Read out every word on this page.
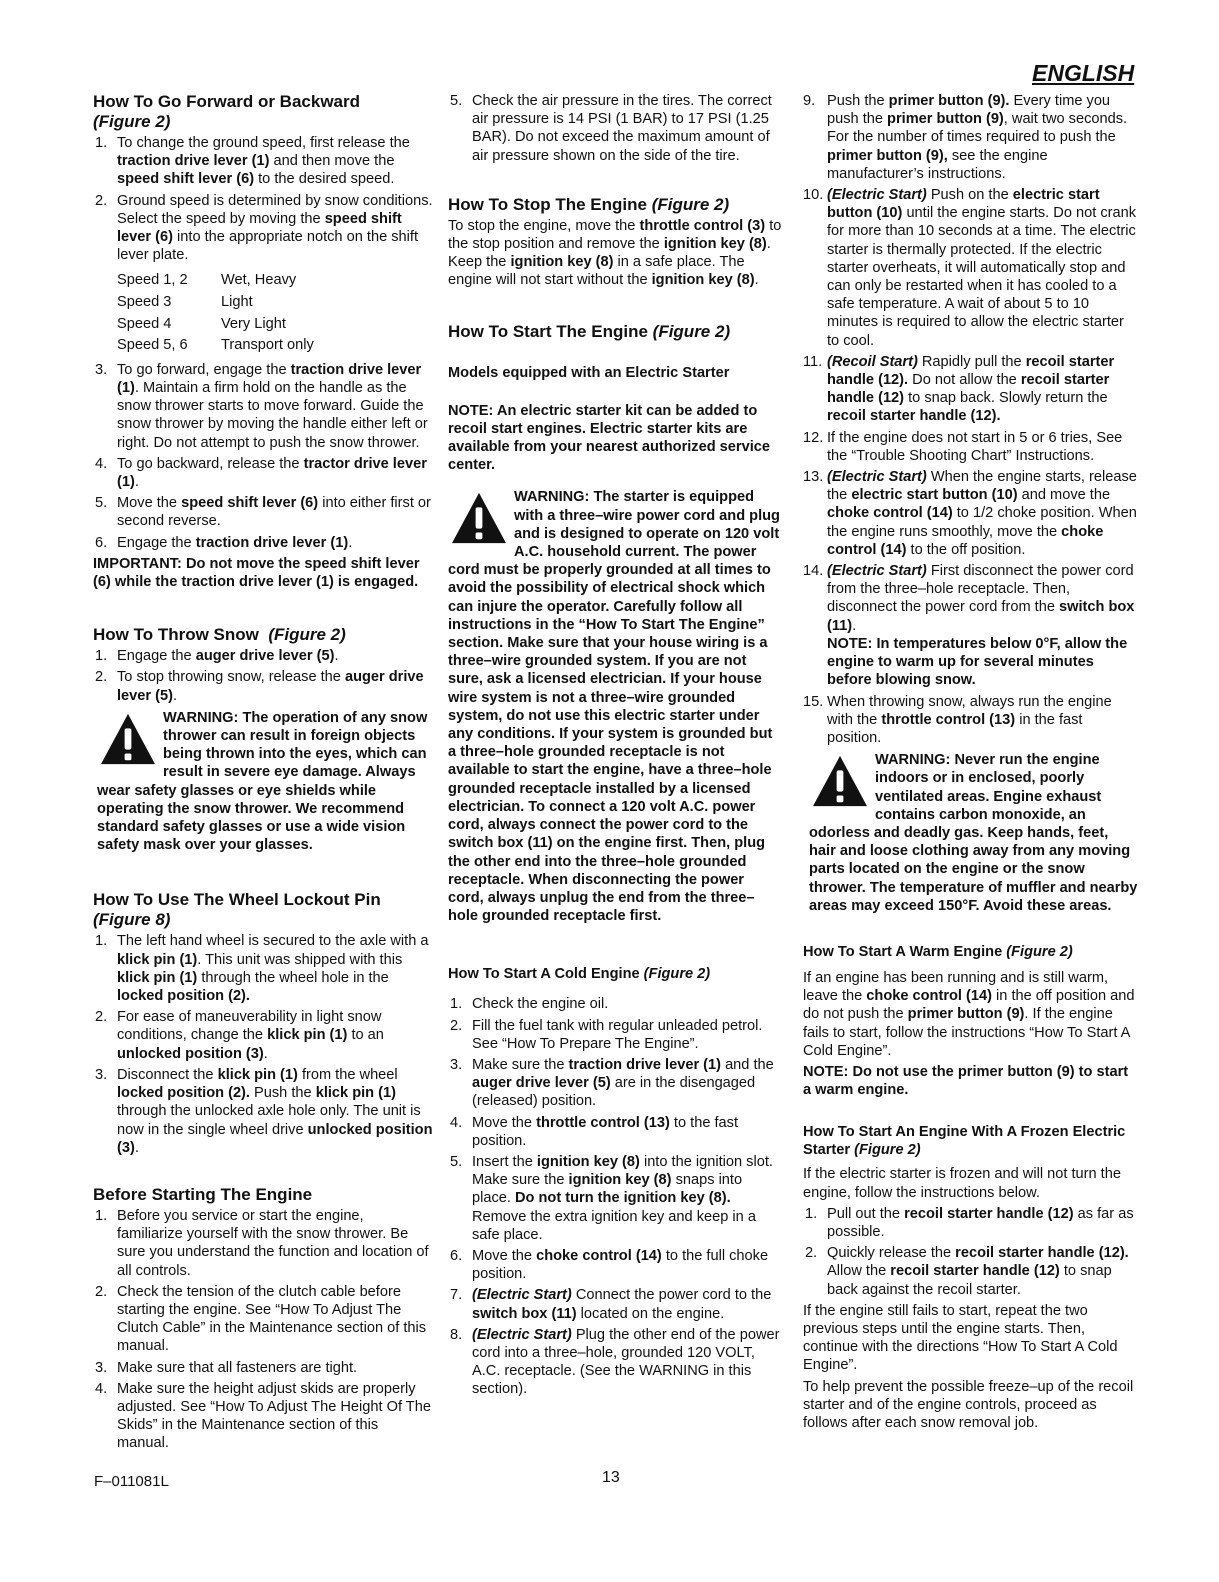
ENGLISH
How To Go Forward or Backward
(Figure 2)
1. To change the ground speed, first release the traction drive lever (1) and then move the speed shift lever (6) to the desired speed.
2. Ground speed is determined by snow conditions. Select the speed by moving the speed shift lever (6) into the appropriate notch on the shift lever plate.
Speed 1, 2 Wet, Heavy
Speed 3	Light
Speed 4	Very Light
Speed 5, 6 Transport only
3. To go forward, engage the traction drive lever (1). Maintain a firm hold on the handle as the snow thrower starts to move forward. Guide the snow thrower by moving the handle either left or right. Do not attempt to push the snow thrower.
4. To go backward, release the tractor drive lever (1).
5. Move the speed shift lever (6) into either first or second reverse.
6. Engage the traction drive lever (1).

IMPORTANT: Do not move the speed shift lever (6) while the traction drive lever (1) is engaged.

How To Throw Snow (Figure 2)
1. Engage the auger drive lever (5).
2. To stop throwing snow, release the auger drive lever (5).
WARNING: The operation of any snow thrower can result in foreign objects being thrown into the eyes, which can result in severe eye damage. Always wear safety glasses or eye shields while operating the snow thrower. We recommend standard safety glasses or use a wide vision safety mask over your glasses.
How To Use The Wheel Lockout Pin
(Figure 8)
1. The left hand wheel is secured to the axle with a klick pin (1). This unit was shipped with this klick pin (1) through the wheel hole in the locked position (2).
2. For ease of maneuverability in light snow conditions, change the klick pin (1) to an unlocked position (3).
3. Disconnect the klick pin (1) from the wheel locked position (2). Push the klick pin (1) through the unlocked axle hole only. The unit is now in the single wheel drive unlocked position (3).
Before Starting The Engine
1. Before you service or start the engine, familiarize yourself with the snow thrower. Be sure you understand the function and location of all controls.
2. Check the tension of the clutch cable before starting the engine. See “How To Adjust The Clutch Cable” in the Maintenance section of this manual.
3. Make sure that all fasteners are tight.
4. Make sure the height adjust skids are properly adjusted. See “How To Adjust The Height Of The Skids” in the Maintenance section of this manual.
5. Check the air pressure in the tires. The correct air pressure is 14 PSI (1 BAR) to 17 PSI (1.25 BAR). Do not exceed the maximum amount of air pressure shown on the side of the tire.
How To Stop The Engine (Figure 2)

To stop the engine, move the throttle control (3) to the stop position and remove the ignition key (8). Keep the ignition key (8) in a safe place. The engine will not start without the ignition key (8).

How To Start The Engine (Figure 2)
Models equipped with an Electric Starter

NOTE: An electric starter kit can be added to recoil start engines. Electric starter kits are available from your nearest authorized service center.

WARNING: The starter is equipped with a three–wire power cord and plug and is designed to operate on 120 volt A.C. household current. The power cord must be properly grounded at all times to avoid the possibility of electrical shock which can injure the operator. Carefully follow all instructions in the “How To Start The Engine” section. Make sure that your house wiring is a three–wire grounded system. If you are not sure, ask a licensed electrician. If your house wire system is not a three–wire grounded system, do not use this electric starter under any conditions. If your system is grounded but a three–hole grounded receptacle is not available to start the engine, have a three–hole grounded receptacle installed by a licensed electrician. To connect a 120 volt A.C. power cord, always connect the power cord to the switch box (11) on the engine first. Then, plug the other end into the three–hole grounded receptacle. When disconnecting the power cord, always unplug the end from the three–hole grounded receptacle first.
How To Start A Cold Engine (Figure 2)
1. Check the engine oil.
2. Fill the fuel tank with regular unleaded petrol. See “How To Prepare The Engine”.
3. Make sure the traction drive lever (1) and the auger drive lever (5) are in the disengaged (released) position.
4. Move the throttle control (13) to the fast position.
5. Insert the ignition key (8) into the ignition slot. Make sure the ignition key (8) snaps into place. Do not turn the ignition key (8). Remove the extra ignition key and keep in a safe place.
6. Move the choke control (14) to the full choke position.
7. (Electric Start) Connect the power cord to the switch box (11) located on the engine.
8. (Electric Start) Plug the other end of the power cord into a three–hole, grounded 120 VOLT, A.C. receptacle. (See the WARNING in this section).
9. Push the primer button (9). Every time you push the primer button (9), wait two seconds. For the number of times required to push the primer button (9), see the engine manufacturer’s instructions.
10. (Electric Start) Push on the electric start button (10) until the engine starts. Do not crank for more than 10 seconds at a time. The electric starter is thermally protected. If the electric starter overheats, it will automatically stop and can only be restarted when it has cooled to a safe temperature. A wait of about 5 to 10 minutes is required to allow the electric starter to cool.
11. (Recoil Start) Rapidly pull the recoil starter handle (12). Do not allow the recoil starter handle (12) to snap back. Slowly return the recoil starter handle (12).
12. If the engine does not start in 5 or 6 tries, See the “Trouble Shooting Chart” Instructions.
13. (Electric Start) When the engine starts, release the electric start button (10) and move the choke control (14) to 1/2 choke position. When the engine runs smoothly, move the choke control (14) to the off position.
14. (Electric Start) First disconnect the power cord from the three–hole receptacle. Then, disconnect the power cord from the switch box (11).
NOTE: In temperatures below 0°F, allow the engine to warm up for several minutes before blowing snow.
15. When throwing snow, always run the engine with the throttle control (13) in the fast position.
WARNING: Never run the engine indoors or in enclosed, poorly ventilated areas. Engine exhaust contains carbon monoxide, an odorless and deadly gas. Keep hands, feet, hair and loose clothing away from any moving parts located on the engine or the snow thrower. The temperature of muffler and nearby areas may exceed 150°F. Avoid these areas.
How To Start A Warm Engine (Figure 2)

If an engine has been running and is still warm, leave the choke control (14) in the off position and do not push the primer button (9). If the engine fails to start, follow the instructions “How To Start A Cold Engine”.

NOTE: Do not use the primer button (9) to start a warm engine.

How To Start An Engine With A Frozen Electric Starter (Figure 2)

If the electric starter is frozen and will not turn the engine, follow the instructions below.

1. Pull out the recoil starter handle (12) as far as possible.
2. Quickly release the recoil starter handle (12). Allow the recoil starter handle (12) to snap back against the recoil starter.

If the engine still fails to start, repeat the two previous steps until the engine starts. Then, continue with the directions “How To Start A Cold Engine”.

To help prevent the possible freeze–up of the recoil starter and of the engine controls, proceed as follows after each snow removal job.

F–011081L	13
